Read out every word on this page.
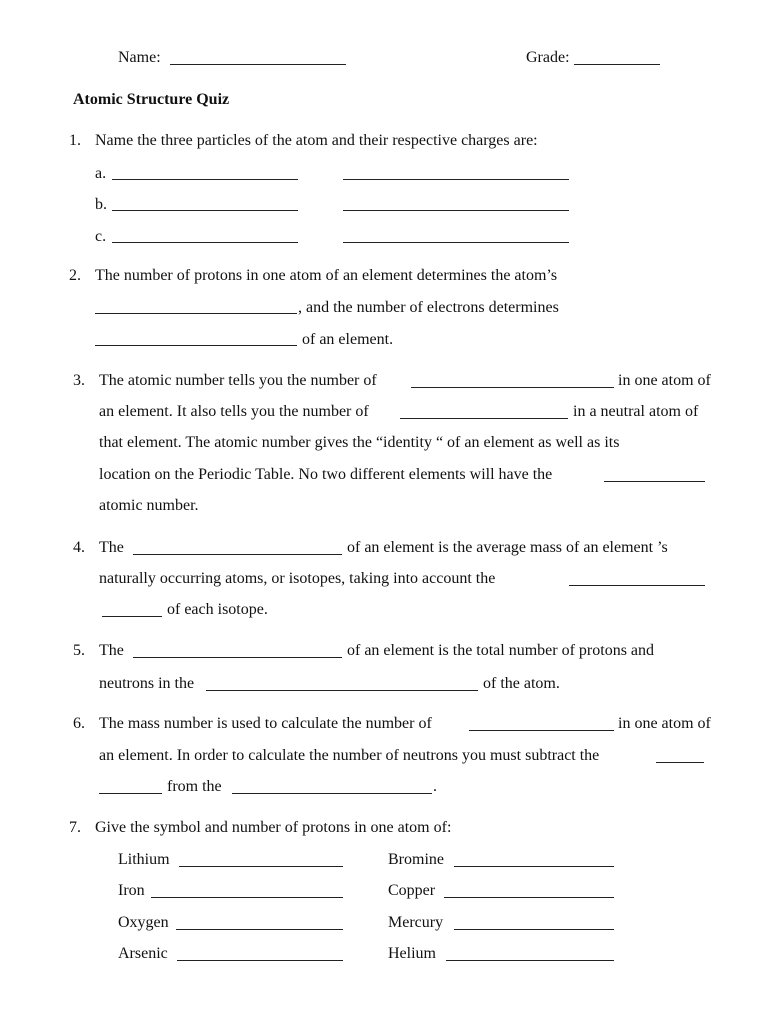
Name:	Grade:
Atomic Structure Quiz
1. Name the three particles of the atom and their respective charges are:
a.
b.
c.
2. The number of protons in one atom of an element determines the atom’s
, and the number of electrons determines
of an element.
3. The atomic number tells you the number of	in one atom of
an element. It also tells you the number of	in a neutral atom of
that element. The atomic number gives the “identity “ of an element as well as its
location on the Periodic Table. No two different elements will have the
atomic number.
4. The	of an element is the average mass of an element ’s
naturally occurring atoms, or isotopes, taking into account the
of each isotope.
5. The	of an element is the total number of protons and
neutrons in the	of the atom.
6. The mass number is used to calculate the number of	in one atom of
an element. In order to calculate the number of neutrons you must subtract the
from the	.
7. Give the symbol and number of protons in one atom of:
Lithium	Bromine
Iron	Copper
Oxygen	Mercury
Arsenic	Helium
